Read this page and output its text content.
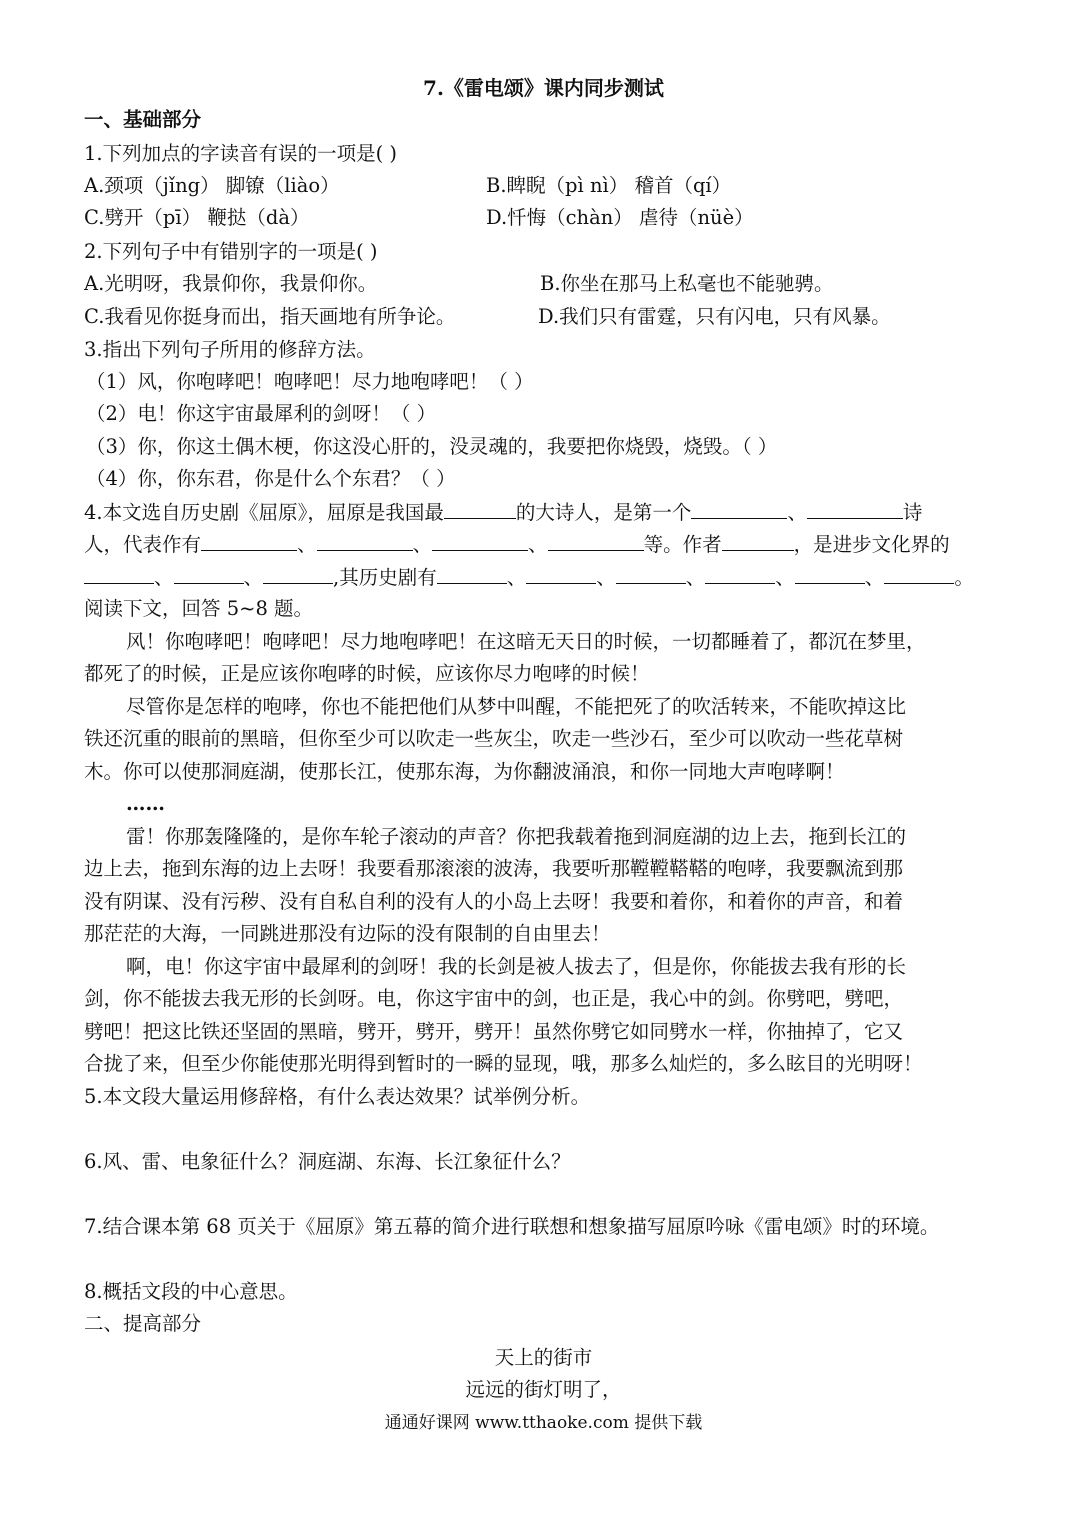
7.《雷电颂》课内同步测试
一、基础部分
1.下列加点的字读音有误的一项是( )
A.颈项（jǐng） 脚镣（liào）	B.睥睨（pì nì） 稽首（qí）
C.劈开（pī） 鞭挞（dà）	D.忏悔（chàn） 虐待（nüè）
2.下列句子中有错别字的一项是( )
A.光明呀，我景仰你，我景仰你。	B.你坐在那马上私毫也不能驰骋。
C.我看见你挺身而出，指天画地有所争论。	D.我们只有雷霆，只有闪电，只有风暴。
3.指出下列句子所用的修辞方法。
（1）风，你咆哮吧！咆哮吧！尽力地咆哮吧！（ ）
（2）电！你这宇宙最犀利的剑呀！（ ）
（3）你，你这土偶木梗，你这没心肝的，没灵魂的，我要把你烧毁，烧毁。（ ）
（4）你，你东君，你是什么个东君？（ ）
4.本文选自历史剧《屈原》，屈原是我国最	的大诗人，是第一个	、	诗
人，代表作有	、	、	、	等。作者	，是进步文化界的
、	、	,其历史剧有	、	、	、	、	、	。
阅读下文，回答 5~8 题。
风！你咆哮吧！咆哮吧！尽力地咆哮吧！在这暗无天日的时候，一切都睡着了，都沉在梦里，
都死了的时候，正是应该你咆哮的时候，应该你尽力咆哮的时候！
尽管你是怎样的咆哮，你也不能把他们从梦中叫醒，不能把死了的吹活转来，不能吹掉这比
铁还沉重的眼前的黑暗，但你至少可以吹走一些灰尘，吹走一些沙石，至少可以吹动一些花草树
木。你可以使那洞庭湖，使那长江，使那东海，为你翻波涌浪，和你一同地大声咆哮啊！
……
雷！你那轰隆隆的，是你车轮子滚动的声音？你把我载着拖到洞庭湖的边上去，拖到长江的
边上去，拖到东海的边上去呀！我要看那滚滚的波涛，我要听那鞺鞺鞳鞳的咆哮，我要飘流到那
没有阴谋、没有污秽、没有自私自利的没有人的小岛上去呀！我要和着你，和着你的声音，和着
那茫茫的大海，一同跳进那没有边际的没有限制的自由里去！
啊，电！你这宇宙中最犀利的剑呀！我的长剑是被人拔去了，但是你，你能拔去我有形的长
剑，你不能拔去我无形的长剑呀。电，你这宇宙中的剑，也正是，我心中的剑。你劈吧，劈吧，
劈吧！把这比铁还坚固的黑暗，劈开，劈开，劈开！虽然你劈它如同劈水一样，你抽掉了，它又
合拢了来，但至少你能使那光明得到暂时的一瞬的显现，哦，那多么灿烂的，多么眩目的光明呀！
5.本文段大量运用修辞格，有什么表达效果？试举例分析。
6.风、雷、电象征什么？洞庭湖、东海、长江象征什么？
7.结合课本第 68 页关于《屈原》第五幕的简介进行联想和想象描写屈原吟咏《雷电颂》时的环境。
8.概括文段的中心意思。
二、提高部分
天上的街市
远远的街灯明了，
通通好课网 www.tthaoke.com 提供下载
